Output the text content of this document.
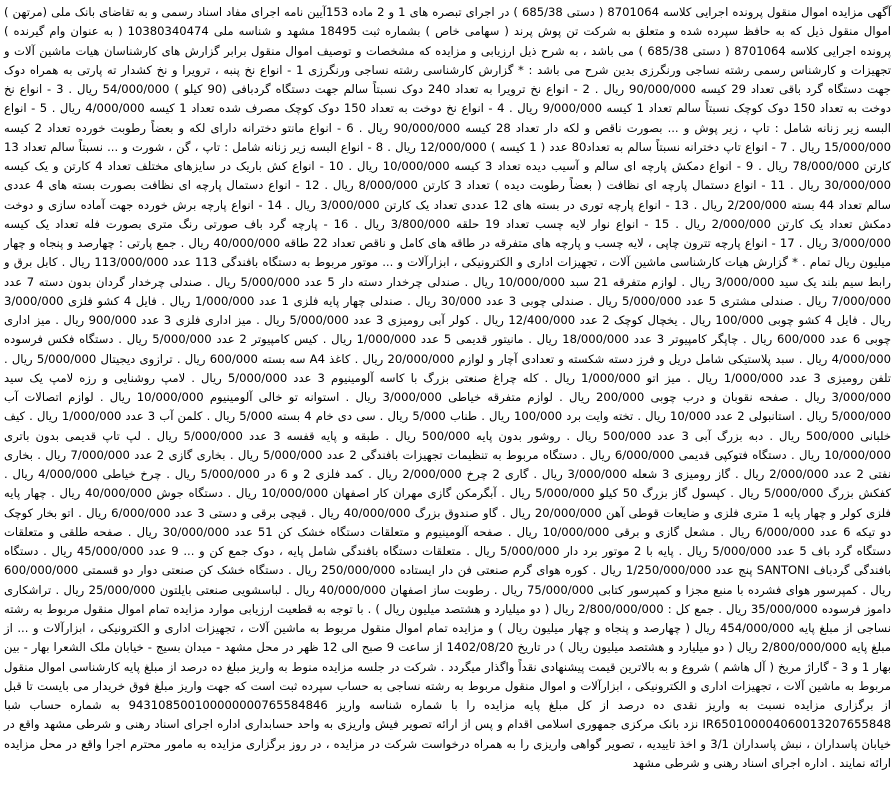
آگهی مزایده اموال منقول پرونده اجرایی کلاسه 8701064 ( دستی 685/38 ) در اجرای تبصره های 1 و 2 ماده 153آیین نامه اجرای مفاد اسناد رسمی و به تقاضای بانک ملی (مرتهن ) اموال منقول ذیل که به حافظ سپرده شده و متعلق به شرکت تن پوش پرند ( سهامی خاص ) بشماره ثبت 18495 مشهد و شناسه ملی 10380340474 ( به عنوان وام گیرنده ) پرونده اجرایی کلاسه 8701064 ( دستی 685/38 ) می باشد ، به شرح ذیل ارزیابی و مزایده که مشخصات و توصیف اموال منقول برابر گزارش های کارشناسان هیات ماشین آلات و تجهیزات و کارشناس رسمی رشته نساجی ورنگرزی بدین شرح می باشد : * گزارش کارشناسی رشته نساجی ورنگرزی 1 - انواع نخ پنبه ، ترویرا و نخ کشدار ته پارتی به همراه دوک جهت دستگاه گرد باقی تعداد 29 کیسه 90/000/000 ریال . 2 - انواع نخ ترویرا به تعداد 240 دوک نسبتاً سالم جهت دستگاه گردبافی (90 کیلو ) 54/000/000 ریال . 3 - انواع نخ دوخت به تعداد 150 دوک کوچک نسبتاً سالم تعداد 1 کیسه 9/000/000 ریال . 4 - انواع نخ دوخت به تعداد 150 دوک کوچک مصرف شده تعداد 1 کیسه 4/000/000 ریال . 5 - انواع البسه زیر زنانه شامل : تاپ ، زیر پوش و ... بصورت ناقص و لکه دار تعداد 28 کیسه 90/000/000 ریال . 6 - انواع مانتو دخترانه دارای لکه و بعضاً رطوبت خورده تعداد 2 کیسه 15/000/000 ریال . 7 - انواع تاپ دخترانه نسبتاً سالم به تعداد80 عدد ( 1 کیسه ) 12/000/000 ریال . 8 - انواع البسه زیر زنانه شامل : تاپ ، گن ، شورت و ... نسبتاً سالم تعداد 13 کارتن 78/000/000 ریال . 9 - انواع دمکش پارچه ای سالم و آسیب دیده تعداد 3 کیسه 10/000/000 ریال . 10 - انواع کش باریک در سایزهای مختلف تعداد 4 کارتن و یک کیسه 30/000/000 ریال . 11 - انواع دستمال پارچه ای نظافت ( بعضاً رطوبت دیده ) تعداد 3 کارتن 8/000/000 ریال . 12 - انواع دستمال پارچه ای نظافت بصورت بسته های 4 عددی سالم تعداد 44 بسته 2/200/000 ریال . 13 - انواع پارچه توری در بسته های 12 عددی تعداد یک کارتن 3/000/000 ریال . 14 - انواع پارچه برش خورده جهت آماده سازی و دوخت دمکش تعداد یک کارتن 2/000/000 ریال . 15 - انواع نوار لایه چسب تعداد 19 حلقه 3/800/000 ریال . 16 - پارچه گرد باف صورتی رنگ متری بصورت فله تعداد یک کیسه 3/000/000 ریال . 17 - انواع پارچه تترون چاپی ، لایه چسب و پارچه های متفرقه در طاقه های کامل و ناقص تعداد 22 طاقه 40/000/000 ریال . جمع پارتی : چهارصد و پنجاه و چهار میلیون ریال تمام . * گزارش هیات کارشناسی ماشین آلات ، تجهیزات اداری و الکترونیکی ، ابزارآلات و ... موتور مربوط به دستگاه بافندگی 113 عدد 113/000/000 ریال . کابل برق و رابط سیم بلند یک سید 3/000/000 ریال . لوازم متفرقه 21 سبد 10/000/000 ریال . صندلی چرخدار دسته دار 5 عدد 5/000/000 ریال . صندلی چرخدار گردان بدون دسته 7 عدد 7/000/000 ریال . صندلی مشتری 5 عدد 5/000/000 ریال . صندلی چوبی 3 عدد 30/000 ریال . صندلی چهار پایه فلزی 1 عدد 1/000/000 ریال . فایل 4 کشو فلزی 3/000/000 ریال . فایل 4 کشو چوبی 100/000 ریال . یخچال کوچک 2 عدد 12/400/000 ریال . کولر آبی رومیزی 3 عدد 5/000/000 ریال . میز اداری فلزی 3 عدد 900/000 ریال . میز اداری چوبی 6 عدد 600/000 ریال . چاپگر کامپیوتر 3 عدد 18/000/000 ریال . مانیتور قدیمی 5 عدد 1/000/000 ریال . کیس کامپیوتر 2 عدد 5/000/000 ریال . دستگاه فکس فرسوده 4/000/000 ریال . سبد پلاستیکی شامل دریل و فرز دسته شکسته و تعدادی آچار و لوازم 20/000/000 ریال . کاغذ A4 سه بسته 600/000 ریال . ترازوی دیجیتال 5/000/000 ریال . تلفن رومیزی 3 عدد 1/000/000 ریال . میز اتو 1/000/000 ریال . کله چراغ صنعتی بزرگ با کاسه آلومینیوم 3 عدد 5/000/000 ریال . لامپ روشنایی و رزه لامپ یک سید 3/000/000 ریال . صفحه نقوبان و درب چوبی 200/000 ریال . لوازم متفرقه خیاطی 3/000/000 ریال . استوانه تو خالی آلومینیوم 10/000/000 ریال . لوازم اتصالات آب 5/000/000 ریال . استانبولی 2 عدد 10/000 ریال . تخته وایت برد 100/000 ریال . طناب 5/000 ریال . سی دی خام 4 بسته 5/000 ریال . کلمن آب 3 عدد 1/000/000 ریال . کیف خلبانی 500/000 ریال . دبه بزرگ آبی 3 عدد 500/000 ریال . روشور بدون پایه 500/000 ریال . طبقه و پایه قفسه 3 عدد 5/000/000 ریال . لپ تاپ قدیمی بدون باتری 10/000/000 ریال . دستگاه فتوکپی قدیمی 6/000/000 ریال . دستگاه مربوط به تنظیمات تجهیزات بافندگی 2 عدد 5/000/000 ریال . بخاری گازی 2 عدد 7/000/000 ریال . بخاری نفتی 2 عدد 2/000/000 ریال . گاز رومیزی 3 شعله 3/000/000 ریال . گاری 2 چرخ 2/000/000 ریال . کمد فلزی 2 و 6 در 5/000/000 ریال . چرخ خیاطی 4/000/000 ریال . کفکش بزرگ 5/000/000 ریال . کپسول گاز بزرگ 50 کیلو 5/000/000 ریال . آبگرمکن گازی مهران کار اصفهان 10/000/000 ریال . دستگاه جوش 40/000/000 ریال . چهار پایه فلزی کولر و چهار پایه 1 متری فلزی و ضایعات قوطی آهن 20/000/000 ریال . گاو صندوق بزرگ 40/000/000 ریال . قیچی برقی و دستی 3 عدد 6/000/000 ریال . اتو بخار کوچک دو تیکه 6 عدد 6/000/000 ریال . مشعل گازی و برقی 10/000/000 ریال . صفحه آلومینیوم و متعلقات دستگاه خشک کن 51 عدد 30/000/000 ریال . صفحه طلقی و متعلقات دستگاه گرد باف 5 عدد 5/000/000 ریال . پایه با 2 موتور برد دار 5/000/000 ریال . متعلقات دستگاه بافندگی شامل پایه ، دوک جمع کن و ... 9 عدد 45/000/000 ریال . دستگاه بافندگی گردباف SANTONI پنج عدد 1/250/000/000 ریال . کوره هوای گرم صنعتی فن دار ایستاده 250/000/000 ریال . دستگاه خشک کن صنعتی دوار دو قسمتی 600/000/000 ریال . کمپرسور هوای فشرده با منبع مجزا و کمپرسور کتابی 75/000/000 ریال . رطوبت ساز اصفهان 40/000/000 ریال . لباسشویی صنعتی بایلتون 25/000/000 ریال . تراشکاری داموز فرسوده 35/000/000 ریال . جمع کل : 2/800/000/000 ریال ( دو میلیارد و هشتصد میلیون ریال ) . با توجه به قطعیت ارزیابی موارد مزایده تمام اموال منقول مربوط به رشته نساجی از مبلغ پایه 454/000/000 ریال ( چهارصد و پنجاه و چهار میلیون ریال ) و مزایده تمام اموال منقول مربوط به ماشین آلات ، تجهیزات اداری و الکترونیکی ، ابزارآلات و ... از مبلغ پایه 2/800/000/000 ریال ( دو میلیارد و هشتصد میلیون ریال ) در تاریخ 1402/08/20 از ساعت 9 صبح الی 12 ظهر در محل مشهد - میدان بسیج - خیابان ملک الشعرا بهار - بین بهار 1 و 3 - گاراژ مربخ ( آل هاشم ) شروع و به بالاترین قیمت پیشنهادی نقداً واگذار میگردد . شرکت در جلسه مزایده منوط به واریز مبلغ ده درصد از مبلغ پایه کارشناسی اموال منقول مربوط به ماشین آلات ، تجهیزات اداری و الکترونیکی ، ابزارآلات و اموال منقول مربوط به رشته نساجی به حساب سپرده ثبت است که جهت واریز مبلغ فوق خریدار می بایست تا قبل از برگزاری مزایده نسبت به واریز نقدی ده درصد از کل مبلغ پایه مزایده را با شماره شناسه واریز 943108500100000000765584846 به شماره حساب شبا IR650100004060013207655848 نزد بانک مرکزی جمهوری اسلامی اقدام و پس از ارائه تصویر فیش واریزی به واحد حسابداری اداره اجرای اسناد رهنی و شرطی مشهد واقع در خیابان پاسداران ، نبش پاسداران 3/1 و اخذ تاییدیه ، تصویر گواهی واریزی را به همراه درخواست شرکت در مزایده ، در روز برگزاری مزایده به مامور محترم اجرا واقع در محل مزایده ارائه نمایند . اداره اجرای اسناد رهنی و شرطی مشهد
